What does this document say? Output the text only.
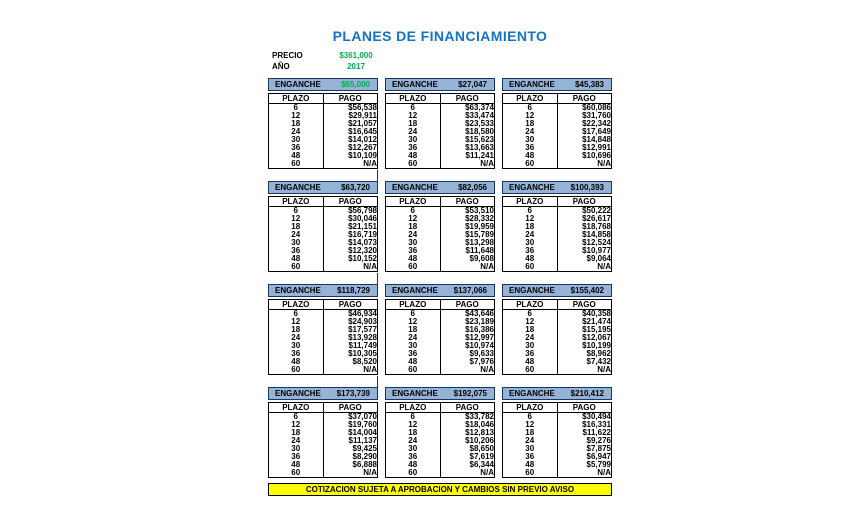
PLANES DE FINANCIAMIENTO
PRECIO	$361,000
AÑO	2017
ENGANCHE	$65,000
PLAZO	PAGO
6	$56,538
12	$29,911
18	$21,057
24	$16,645
30	$14,012
36	$12,267
48	$10,109
60	N/A
ENGANCHE	$27,047
PLAZO	PAGO
6	$63,374
12	$33,474
18	$23,533
24	$18,580
30	$15,623
36	$13,663
48	$11,241
60	N/A
ENGANCHE	$45,383
PLAZO	PAGO
6	$60,086
12	$31,760
18	$22,342
24	$17,649
30	$14,848
36	$12,991
48	$10,696
60	N/A
ENGANCHE	$63,720
PLAZO	PAGO
6	$56,798
12	$30,046
18	$21,151
24	$16,719
30	$14,073
36	$12,320
48	$10,152
60	N/A
ENGANCHE	$82,056
PLAZO	PAGO
6	$53,510
12	$28,332
18	$19,959
24	$15,789
30	$13,298
36	$11,648
48	$9,608
60	N/A
ENGANCHE $100,393
PLAZO	PAGO
6	$50,222
12	$26,617
18	$18,768
24	$14,858
30	$12,524
36	$10,977
48	$9,064
60	N/A
ENGANCHE $118,729
PLAZO	PAGO
6	$46,934
12	$24,903
18	$17,577
24	$13,928
30	$11,749
36	$10,305
48	$8,520
60	N/A
ENGANCHE $137,066
PLAZO	PAGO
6	$43,646
12	$23,189
18	$16,386
24	$12,997
30	$10,974
36	$9,633
48	$7,976
60	N/A
ENGANCHE $155,402
PLAZO	PAGO
6	$40,358
12	$21,474
18	$15,195
24	$12,067
30	$10,199
36	$8,962
48	$7,432
60	N/A
ENGANCHE $173,739
PLAZO	PAGO
6	$37,070
12	$19,760
18	$14,004
24	$11,137
30	$9,425
36	$8,290
48	$6,888
60	N/A
ENGANCHE $192,075
PLAZO	PAGO
6	$33,782
12	$18,046
18	$12,813
24	$10,206
30	$8,650
36	$7,619
48	$6,344
60	N/A
ENGANCHE $210,412
PLAZO	PAGO
6	$30,494
12	$16,331
18	$11,622
24	$9,276
30	$7,875
36	$6,947
48	$5,799
60	N/A
COTIZACION SUJETA A APROBACION Y CAMBIOS SIN PREVIO AVISO
